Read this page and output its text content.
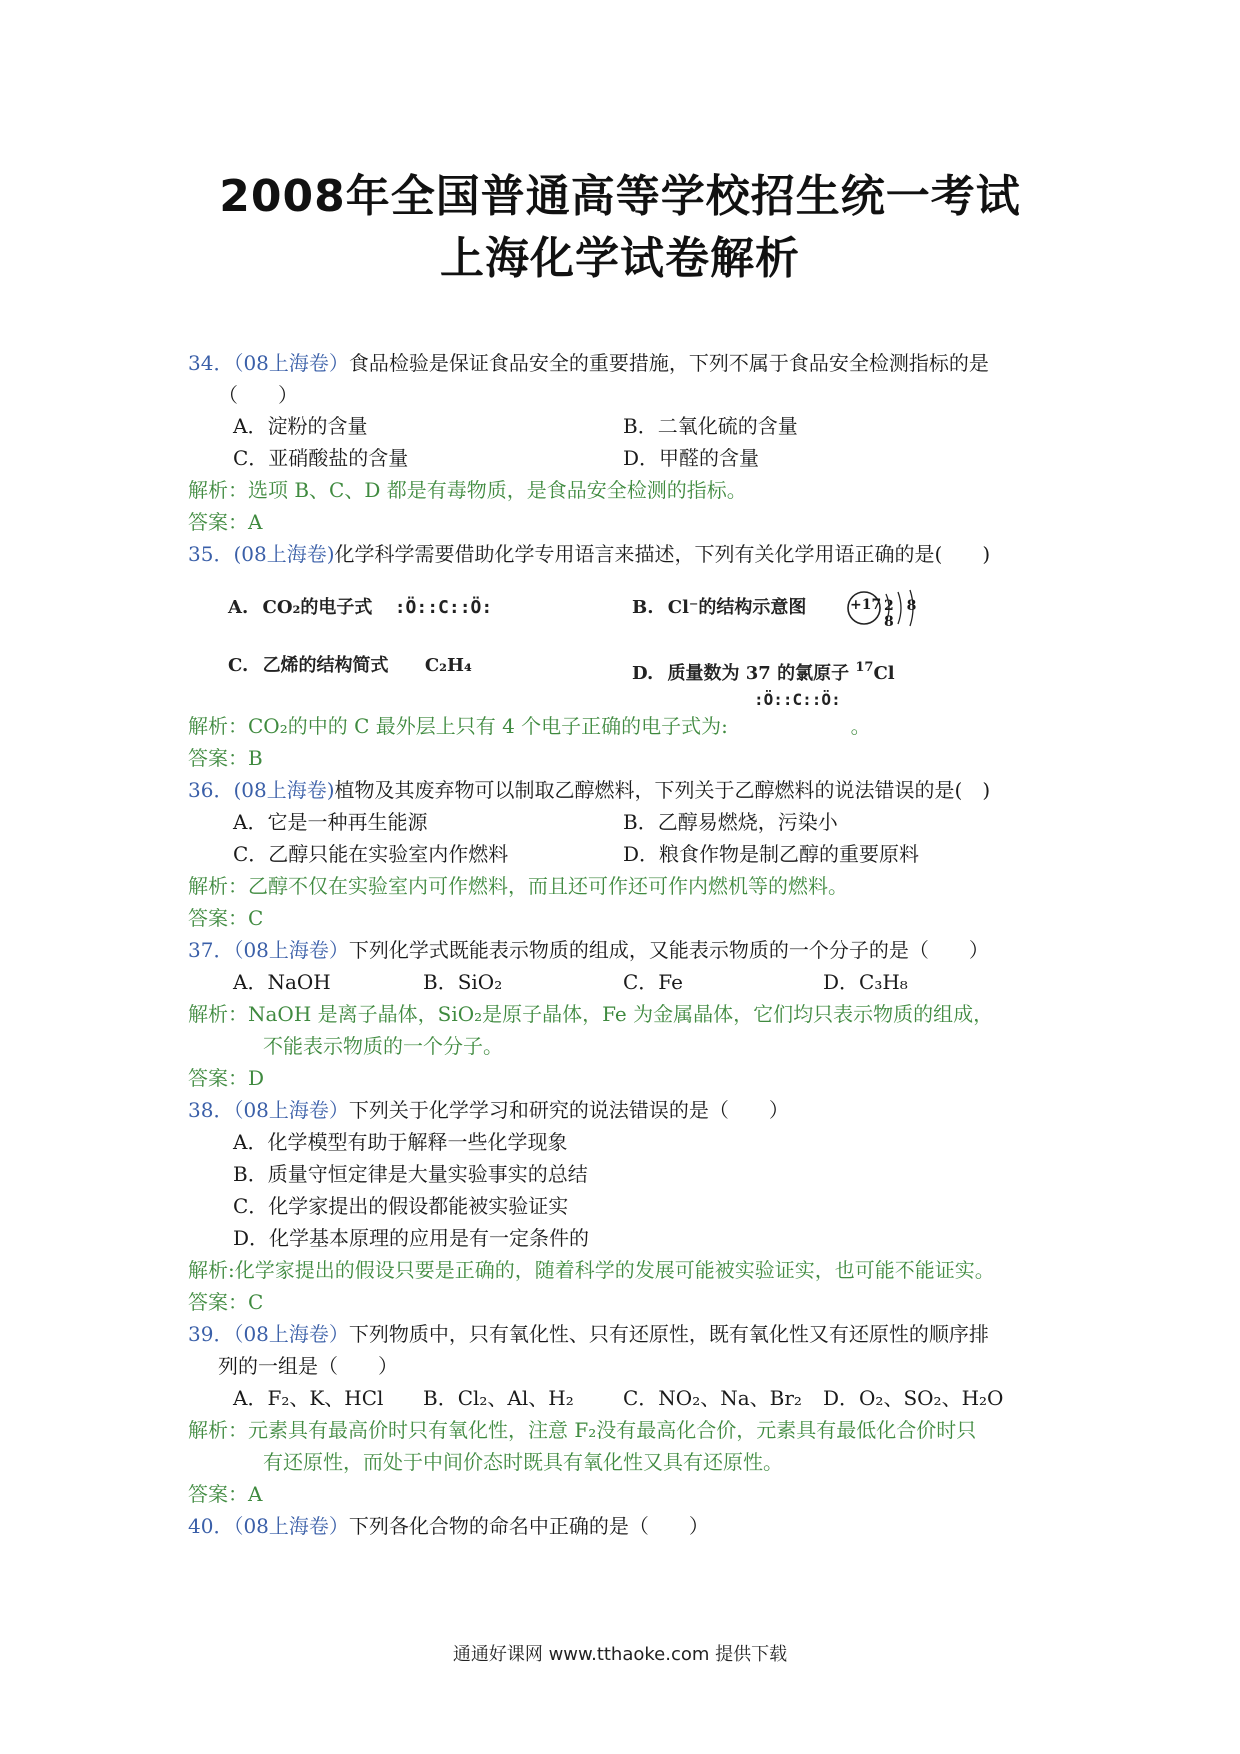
2008年全国普通高等学校招生统一考试
上海化学试卷解析
34．（08上海卷）食品检验是保证食品安全的重要措施，下列不属于食品安全检测指标的是
（　　）
A．淀粉的含量	B．二氧化硫的含量
C．亚硝酸盐的含量	D．甲醛的含量
解析：选项 B、C、D 都是有毒物质，是食品安全检测的指标。
答案：A
35．(08上海卷)化学科学需要借助化学专用语言来描述，下列有关化学用语正确的是(　　)
A. CO₂的电子式 :Ö::C::Ö:	B. Cl⁻的结构示意图	+17 2 8 8
C. 乙烯的结构简式 C₂H₄	D. 质量数为 37 的氯原子 $^{17}$Cl
解析：CO₂的中的 C 最外层上只有 4 个电子正确的电子式为:	。
:Ö::C::Ö:
答案：B
36．(08上海卷)植物及其废弃物可以制取乙醇燃料，下列关于乙醇燃料的说法错误的是(　)
A．它是一种再生能源	B．乙醇易燃烧，污染小
C．乙醇只能在实验室内作燃料	D．粮食作物是制乙醇的重要原料
解析：乙醇不仅在实验室内可作燃料，而且还可作还可作内燃机等的燃料。
答案：C
37．（08上海卷）下列化学式既能表示物质的组成，又能表示物质的一个分子的是（　　）
A．NaOH	B．SiO₂	C．Fe	D．C₃H₈
解析：NaOH 是离子晶体，SiO₂是原子晶体，Fe 为金属晶体，它们均只表示物质的组成，
不能表示物质的一个分子。
答案：D
38．（08上海卷）下列关于化学学习和研究的说法错误的是（　　）
A．化学模型有助于解释一些化学现象
B．质量守恒定律是大量实验事实的总结
C．化学家提出的假设都能被实验证实
D．化学基本原理的应用是有一定条件的
解析:化学家提出的假设只要是正确的，随着科学的发展可能被实验证实，也可能不能证实。
答案：C
39．（08上海卷）下列物质中，只有氧化性、只有还原性，既有氧化性又有还原性的顺序排
列的一组是（　　）
A．F₂、K、HCl B．Cl₂、Al、H₂ C．NO₂、Na、Br₂ D．O₂、SO₂、H₂O
解析：元素具有最高价时只有氧化性，注意 F₂没有最高化合价，元素具有最低化合价时只
有还原性，而处于中间价态时既具有氧化性又具有还原性。
答案：A
40．（08上海卷）下列各化合物的命名中正确的是（　　）
通通好课网 www.tthaoke.com 提供下载
